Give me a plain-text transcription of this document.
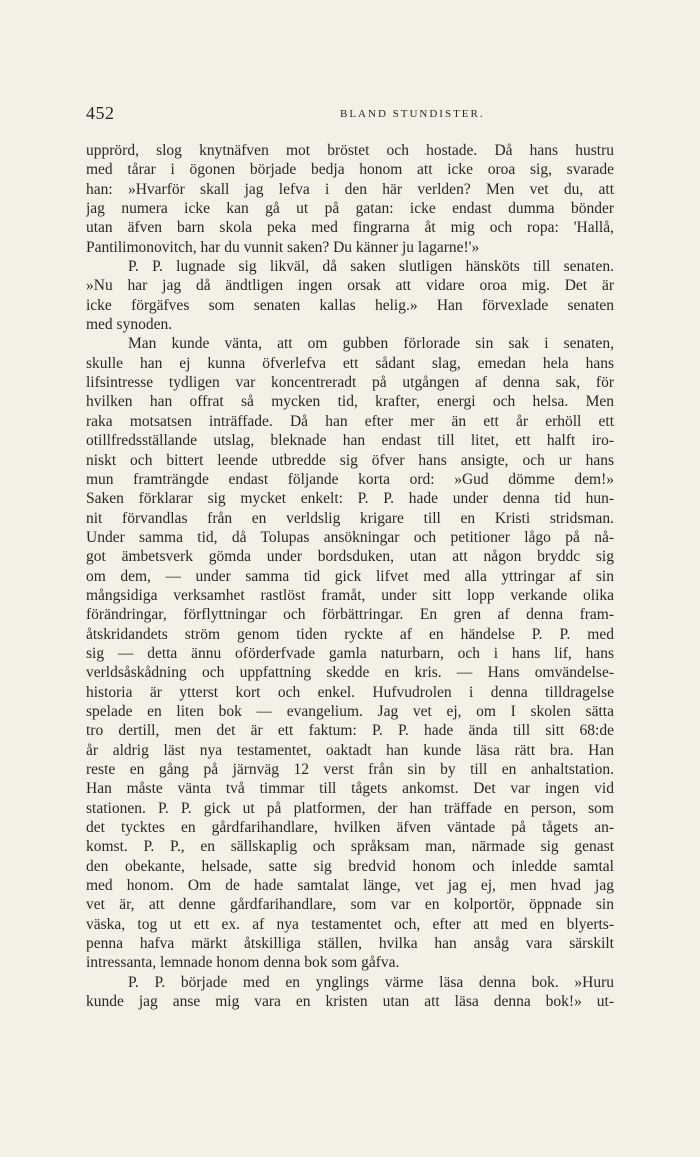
452	BLAND STUNDISTER.
upprörd, slog knytnäfven mot bröstet och hostade. Då hans hustru
med tårar i ögonen började bedja honom att icke oroa sig, svarade
han: »Hvarför skall jag lefva i den här verlden? Men vet du, att
jag numera icke kan gå ut på gatan: icke endast dumma bönder
utan äfven barn skola peka med fingrarna åt mig och ropa: 'Hallå,
Pantilimonovitch, har du vunnit saken? Du känner ju lagarne!'»
P. P. lugnade sig likväl, då saken slutligen hänsköts till senaten.
»Nu har jag då ändtligen ingen orsak att vidare oroa mig. Det är
icke förgäfves som senaten kallas helig.» Han förvexlade senaten
med synoden.
Man kunde vänta, att om gubben förlorade sin sak i senaten,
skulle han ej kunna öfverlefva ett sådant slag, emedan hela hans
lifsintresse tydligen var koncentreradt på utgången af denna sak, för
hvilken han offrat så mycken tid, krafter, energi och helsa. Men
raka motsatsen inträffade. Då han efter mer än ett år erhöll ett
otillfredsställande utslag, bleknade han endast till litet, ett halft iro-
niskt och bittert leende utbredde sig öfver hans ansigte, och ur hans
mun framträngde endast följande korta ord: »Gud dömme dem!»
Saken förklarar sig mycket enkelt: P. P. hade under denna tid hun-
nit förvandlas från en verldslig krigare till en Kristi stridsman.
Under samma tid, då Tolupas ansökningar och petitioner lågo på nå-
got ämbetsverk gömda under bordsduken, utan att någon bryddc sig
om dem, — under samma tid gick lifvet med alla yttringar af sin
mångsidiga verksamhet rastlöst framåt, under sitt lopp verkande olika
förändringar, förflyttningar och förbättringar. En gren af denna fram-
åtskridandets ström genom tiden ryckte af en händelse P. P. med
sig — detta ännu oförderfvade gamla naturbarn, och i hans lif, hans
verldsåskådning och uppfattning skedde en kris. — Hans omvändelse-
historia är ytterst kort och enkel. Hufvudrolen i denna tilldragelse
spelade en liten bok — evangelium. Jag vet ej, om I skolen sätta
tro dertill, men det är ett faktum: P. P. hade ända till sitt 68:de
år aldrig läst nya testamentet, oaktadt han kunde läsa rätt bra. Han
reste en gång på järnväg 12 verst från sin by till en anhaltstation.
Han måste vänta två timmar till tågets ankomst. Det var ingen vid
stationen. P. P. gick ut på platformen, der han träffade en person, som
det tycktes en gårdfarihandlare, hvilken äfven väntade på tågets an-
komst. P. P., en sällskaplig och språksam man, närmade sig genast
den obekante, helsade, satte sig bredvid honom och inledde samtal
med honom. Om de hade samtalat länge, vet jag ej, men hvad jag
vet är, att denne gårdfarihandlare, som var en kolportör, öppnade sin
väska, tog ut ett ex. af nya testamentet och, efter att med en blyerts-
penna hafva märkt åtskilliga ställen, hvilka han ansåg vara särskilt
intressanta, lemnade honom denna bok som gåfva.
P. P. började med en ynglings värme läsa denna bok. »Huru
kunde jag anse mig vara en kristen utan att läsa denna bok!» ut-
